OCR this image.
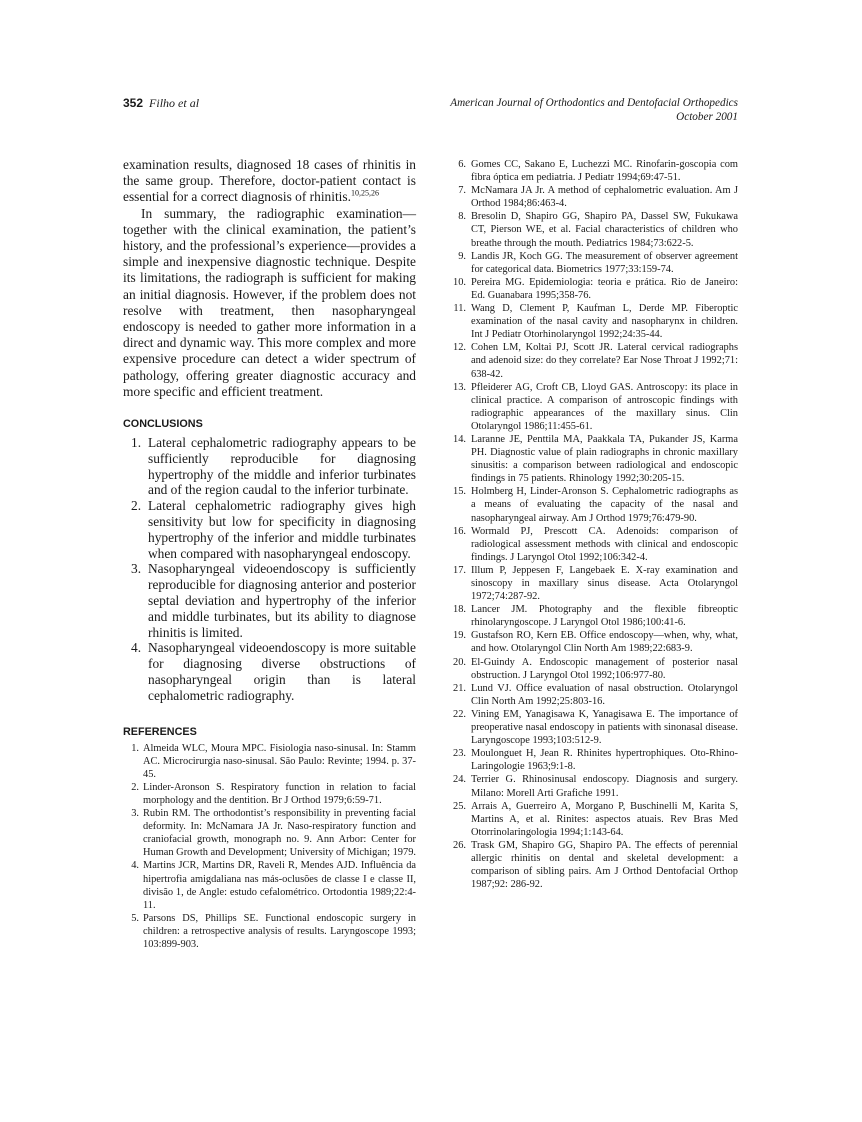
352 Filho et al	American Journal of Orthodontics and Dentofacial Orthopedics
October 2001

examination results, diagnosed 18 cases of rhinitis in the same group. Therefore, doctor-patient contact is essential for a correct diagnosis of rhinitis.$^{10,25,26}$

In summary, the radiographic examination—together with the clinical examination, the patient’s history, and the professional’s experience—provides a simple and inexpensive diagnostic technique. Despite its limitations, the radiograph is sufficient for making an initial diagnosis. However, if the problem does not resolve with treatment, then nasopharyngeal endoscopy is needed to gather more information in a direct and dynamic way. This more complex and more expensive procedure can detect a wider spectrum of pathology, offering greater diagnostic accuracy and more specific and efficient treatment.

CONCLUSIONS
1. Lateral cephalometric radiography appears to be sufficiently reproducible for diagnosing hypertrophy of the middle and inferior turbinates and of the region caudal to the inferior turbinate.
2. Lateral cephalometric radiography gives high sensitivity but low for specificity in diagnosing hypertrophy of the inferior and middle turbinates when compared with nasopharyngeal endoscopy.
3. Nasopharyngeal videoendoscopy is sufficiently reproducible for diagnosing anterior and posterior septal deviation and hypertrophy of the inferior and middle turbinates, but its ability to diagnose rhinitis is limited.
4. Nasopharyngeal videoendoscopy is more suitable for diagnosing diverse obstructions of nasopharyngeal origin than is lateral cephalometric radiography.
REFERENCES
1. Almeida WLC, Moura MPC. Fisiologia naso-sinusal. In: Stamm AC. Microcirurgia naso-sinusal. São Paulo: Revinte; 1994. p. 37-45.
2. Linder-Aronson S. Respiratory function in relation to facial morphology and the dentition. Br J Orthod 1979;6:59-71.
3. Rubin RM. The orthodontist’s responsibility in preventing facial deformity. In: McNamara JA Jr. Naso-respiratory function and craniofacial growth, monograph no. 9. Ann Arbor: Center for Human Growth and Development; University of Michigan; 1979.
4. Martins JCR, Martins DR, Raveli R, Mendes AJD. Influência da hipertrofia amigdaliana nas más-oclusões de classe I e classe II, divisão 1, de Angle: estudo cefalométrico. Ortodontia 1989;22:4-11.
5. Parsons DS, Phillips SE. Functional endoscopic surgery in children: a retrospective analysis of results. Laryngoscope 1993; 103:899-903.
6. Gomes CC, Sakano E, Luchezzi MC. Rinofarin-goscopia com fibra óptica em pediatria. J Pediatr 1994;69:47-51.
7. McNamara JA Jr. A method of cephalometric evaluation. Am J Orthod 1984;86:463-4.
8. Bresolin D, Shapiro GG, Shapiro PA, Dassel SW, Fukukawa CT, Pierson WE, et al. Facial characteristics of children who breathe through the mouth. Pediatrics 1984;73:622-5.
9. Landis JR, Koch GG. The measurement of observer agreement for categorical data. Biometrics 1977;33:159-74.
10. Pereira MG. Epidemiologia: teoria e prática. Rio de Janeiro: Ed. Guanabara 1995;358-76.
11. Wang D, Clement P, Kaufman L, Derde MP. Fiberoptic examination of the nasal cavity and nasopharynx in children. Int J Pediatr Otorhinolaryngol 1992;24:35-44.
12. Cohen LM, Koltai PJ, Scott JR. Lateral cervical radiographs and adenoid size: do they correlate? Ear Nose Throat J 1992;71: 638-42.
13. Pfleiderer AG, Croft CB, Lloyd GAS. Antroscopy: its place in clinical practice. A comparison of antroscopic findings with radiographic appearances of the maxillary sinus. Clin Otolaryngol 1986;11:455-61.
14. Laranne JE, Penttila MA, Paakkala TA, Pukander JS, Karma PH. Diagnostic value of plain radiographs in chronic maxillary sinusitis: a comparison between radiological and endoscopic findings in 75 patients. Rhinology 1992;30:205-15.
15. Holmberg H, Linder-Aronson S. Cephalometric radiographs as a means of evaluating the capacity of the nasal and nasopharyngeal airway. Am J Orthod 1979;76:479-90.
16. Wormald PJ, Prescott CA. Adenoids: comparison of radiological assessment methods with clinical and endoscopic findings. J Laryngol Otol 1992;106:342-4.
17. Illum P, Jeppesen F, Langebaek E. X-ray examination and sinoscopy in maxillary sinus disease. Acta Otolaryngol 1972;74:287-92.
18. Lancer JM. Photography and the flexible fibreoptic rhinolaryngoscope. J Laryngol Otol 1986;100:41-6.
19. Gustafson RO, Kern EB. Office endoscopy—when, why, what, and how. Otolaryngol Clin North Am 1989;22:683-9.
20. El-Guindy A. Endoscopic management of posterior nasal obstruction. J Laryngol Otol 1992;106:977-80.
21. Lund VJ. Office evaluation of nasal obstruction. Otolaryngol Clin North Am 1992;25:803-16.
22. Vining EM, Yanagisawa K, Yanagisawa E. The importance of preoperative nasal endoscopy in patients with sinonasal disease. Laryngoscope 1993;103:512-9.
23. Moulonguet H, Jean R. Rhinites hypertrophiques. Oto-Rhino-Laringologie 1963;9:1-8.
24. Terrier G. Rhinosinusal endoscopy. Diagnosis and surgery. Milano: Morell Arti Grafiche 1991.
25. Arrais A, Guerreiro A, Morgano P, Buschinelli M, Karita S, Martins A, et al. Rinites: aspectos atuais. Rev Bras Med Otorrinolaringologia 1994;1:143-64.
26. Trask GM, Shapiro GG, Shapiro PA. The effects of perennial allergic rhinitis on dental and skeletal development: a comparison of sibling pairs. Am J Orthod Dentofacial Orthop 1987;92: 286-92.
